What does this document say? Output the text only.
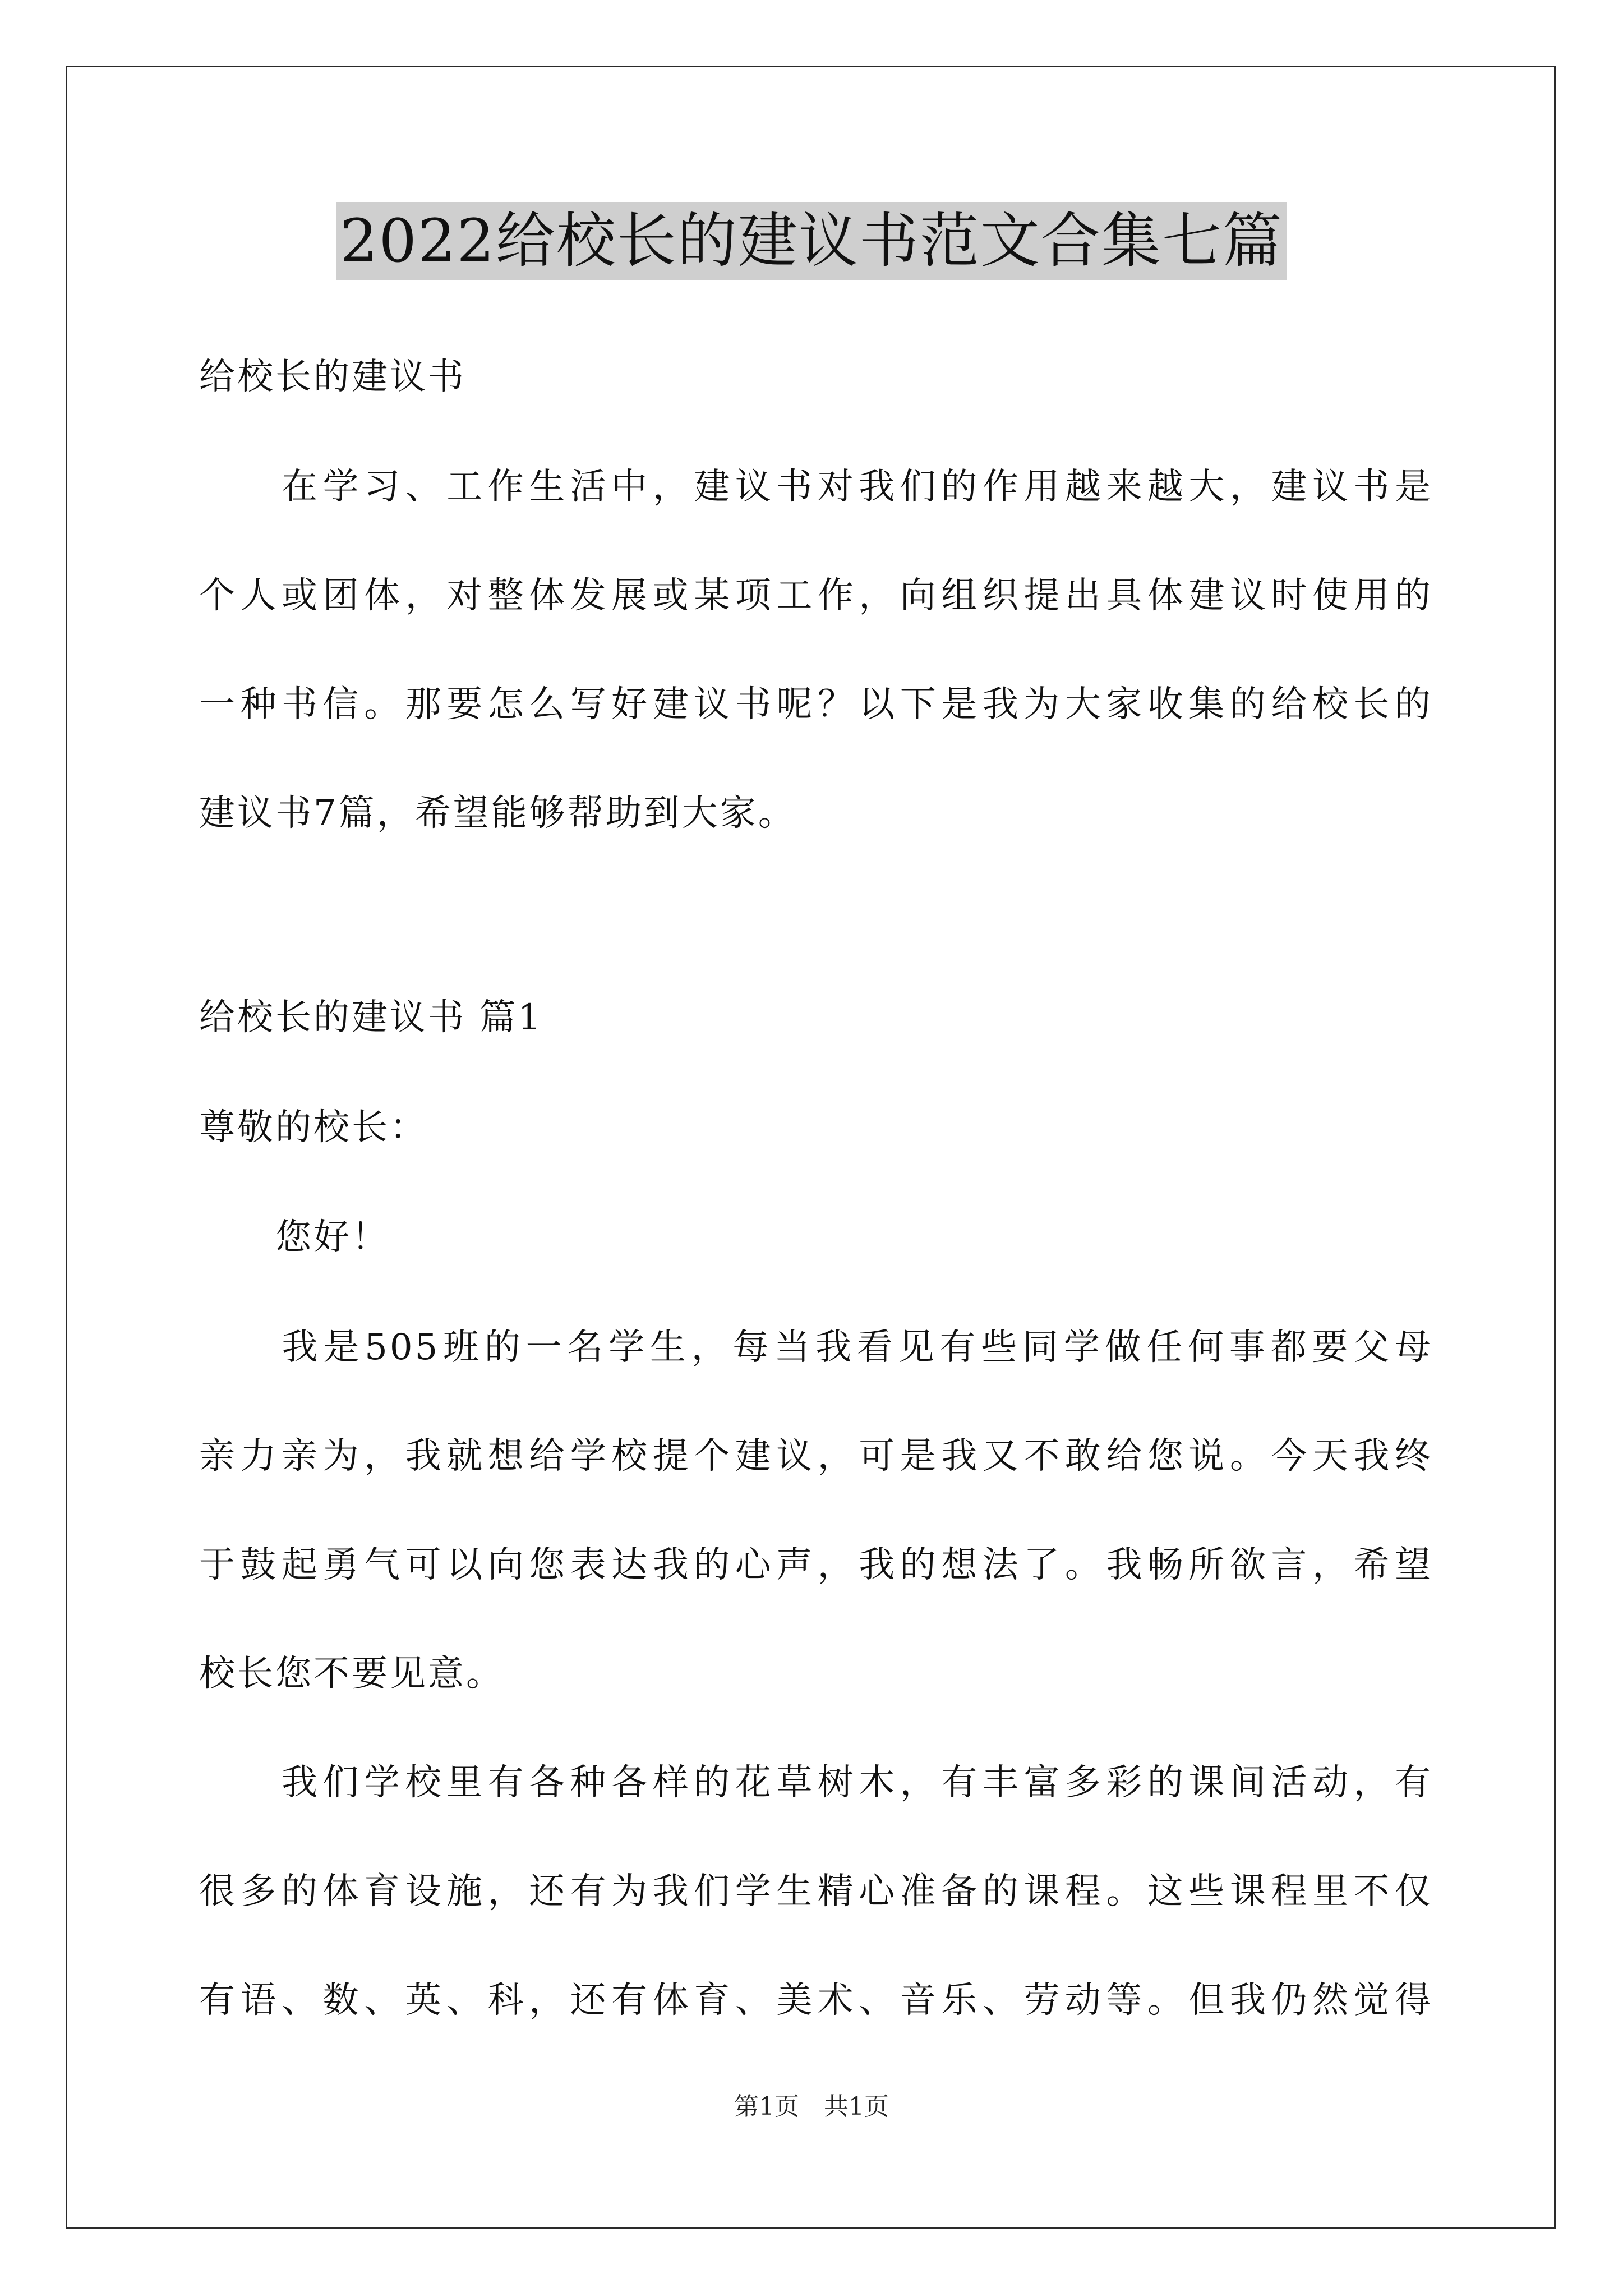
2022给校长的建议书范文合集七篇
给校长的建议书
　　在学习、工作生活中，建议书对我们的作用越来越大，建议书是
个人或团体，对整体发展或某项工作，向组织提出具体建议时使用的
一种书信。那要怎么写好建议书呢？以下是我为大家收集的给校长的
建议书7篇，希望能够帮助到大家。
给校长的建议书 篇1
尊敬的校长：
　　您好！
　　我是505班的一名学生，每当我看见有些同学做任何事都要父母
亲力亲为，我就想给学校提个建议，可是我又不敢给您说。今天我终
于鼓起勇气可以向您表达我的心声，我的想法了。我畅所欲言，希望
校长您不要见意。
　　我们学校里有各种各样的花草树木，有丰富多彩的课间活动，有
很多的体育设施，还有为我们学生精心准备的课程。这些课程里不仅
有语、数、英、科，还有体育、美术、音乐、劳动等。但我仍然觉得
第1页　共1页
